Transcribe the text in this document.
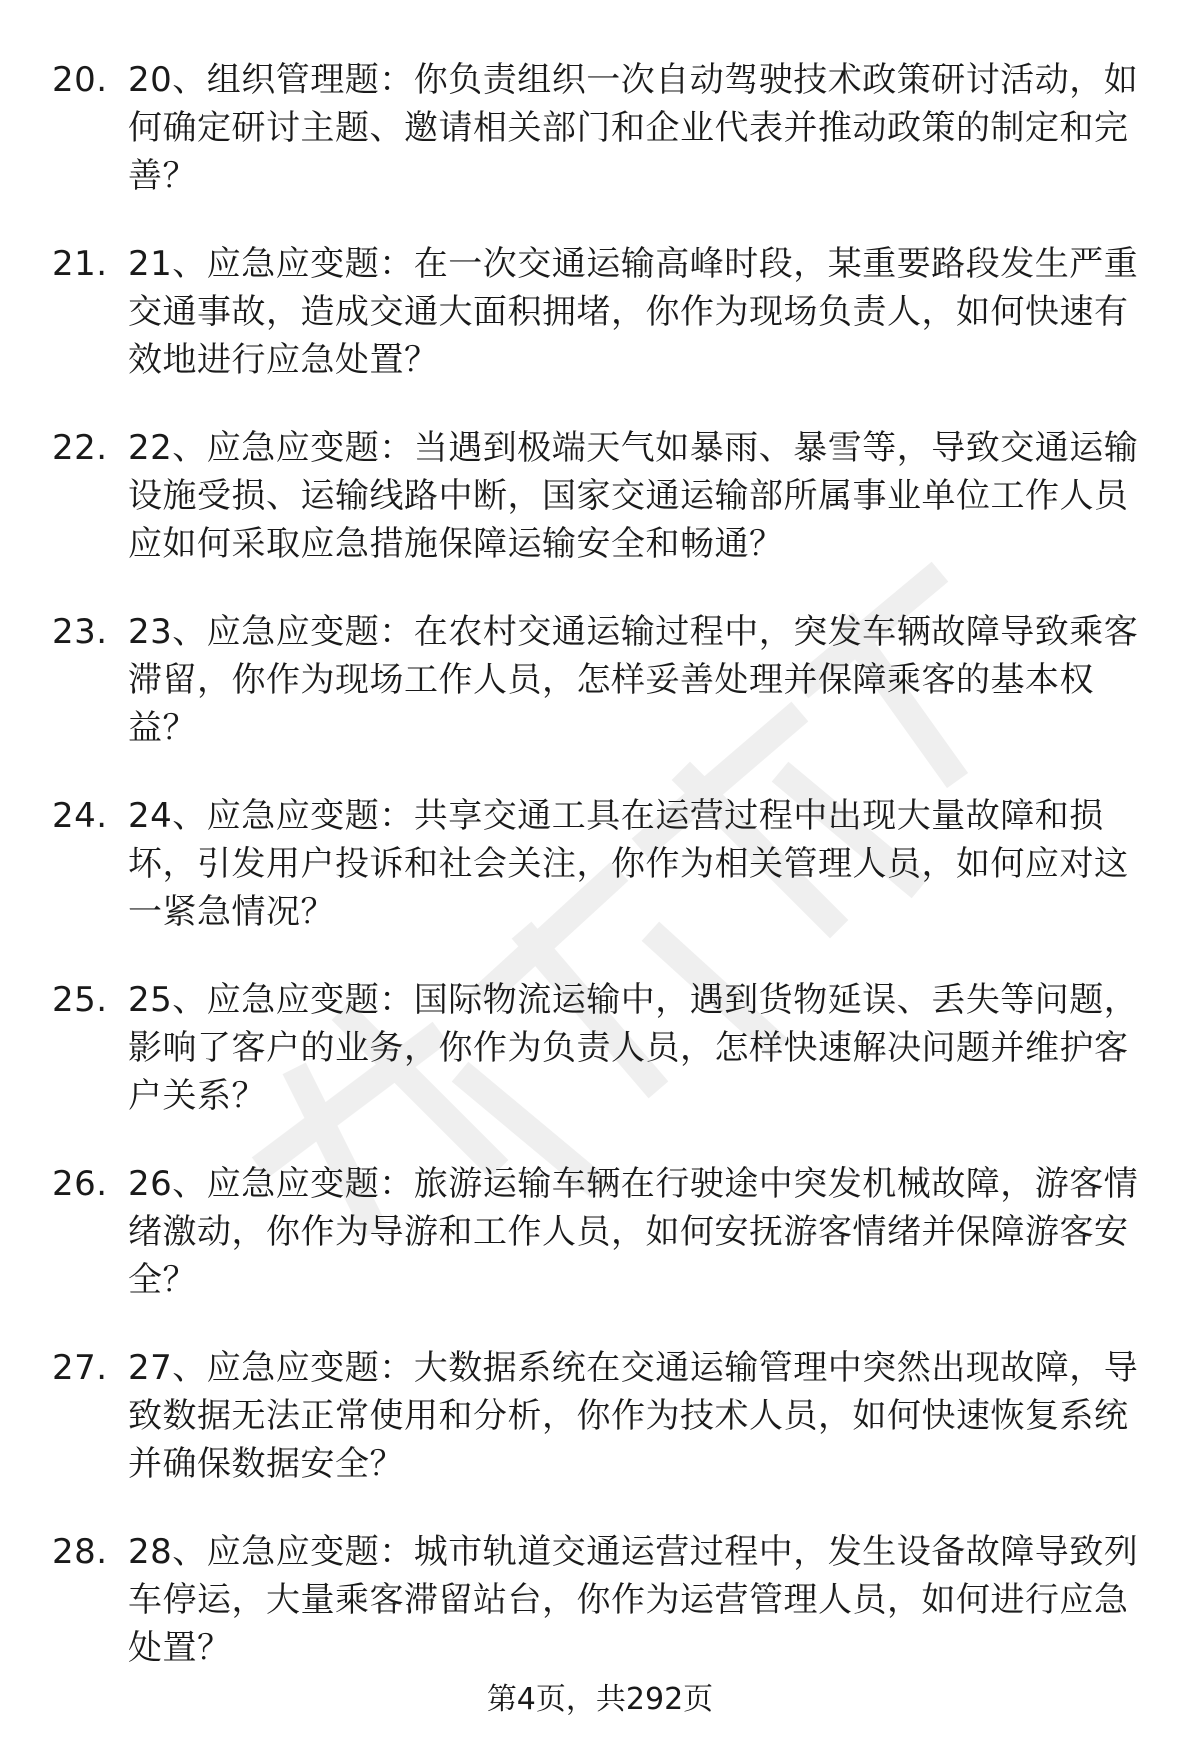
20. 20、组织管理题：你负责组织一次自动驾驶技术政策研讨活动，如何确定研讨主题、邀请相关部门和企业代表并推动政策的制定和完善？
21. 21、应急应变题：在一次交通运输高峰时段，某重要路段发生严重交通事故，造成交通大面积拥堵，你作为现场负责人，如何快速有效地进行应急处置？
22. 22、应急应变题：当遇到极端天气如暴雨、暴雪等，导致交通运输设施受损、运输线路中断，国家交通运输部所属事业单位工作人员应如何采取应急措施保障运输安全和畅通？
23. 23、应急应变题：在农村交通运输过程中，突发车辆故障导致乘客滞留，你作为现场工作人员，怎样妥善处理并保障乘客的基本权益？
24. 24、应急应变题：共享交通工具在运营过程中出现大量故障和损坏，引发用户投诉和社会关注，你作为相关管理人员，如何应对这一紧急情况？
25. 25、应急应变题：国际物流运输中，遇到货物延误、丢失等问题，影响了客户的业务，你作为负责人员，怎样快速解决问题并维护客户关系？
26. 26、应急应变题：旅游运输车辆在行驶途中突发机械故障，游客情绪激动，你作为导游和工作人员，如何安抚游客情绪并保障游客安全？
27. 27、应急应变题：大数据系统在交通运输管理中突然出现故障，导致数据无法正常使用和分析，你作为技术人员，如何快速恢复系统并确保数据安全？
28. 28、应急应变题：城市轨道交通运营过程中，发生设备故障导致列车停运，大量乘客滞留站台，你作为运营管理人员，如何进行应急处置？
第4页，共292页
